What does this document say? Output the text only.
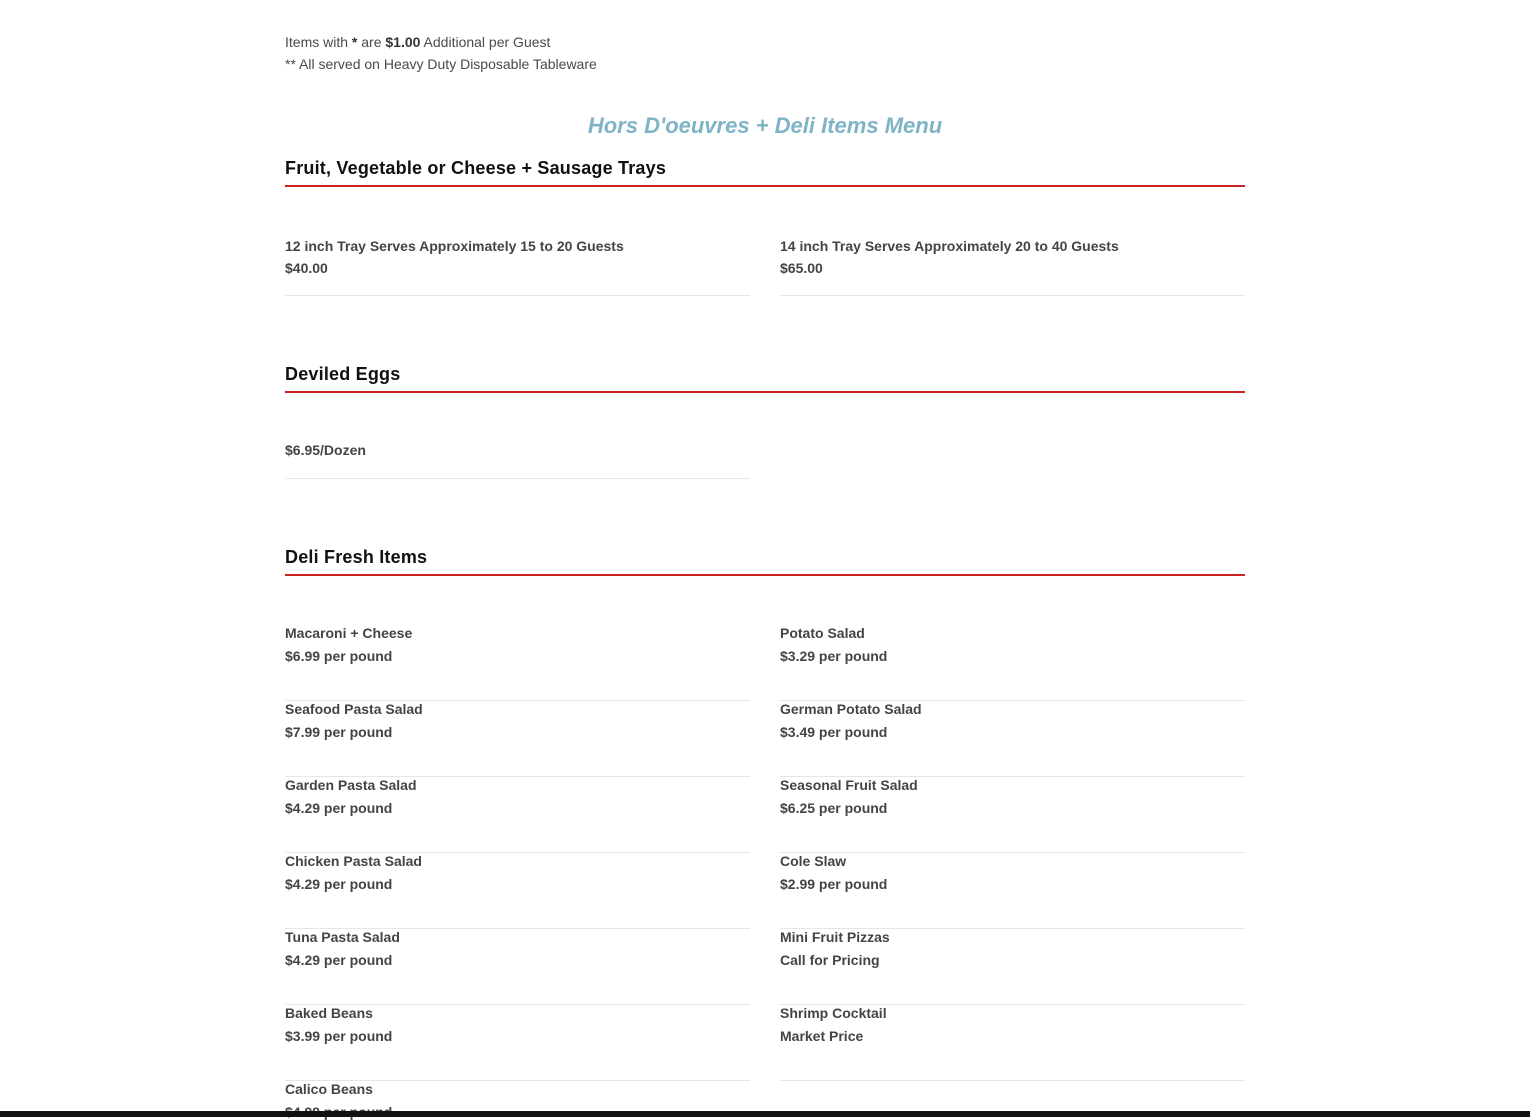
Items with * are $1.00 Additional per Guest
** All served on Heavy Duty Disposable Tableware
Hors D'oeuvres + Deli Items Menu
Fruit, Vegetable or Cheese + Sausage Trays
12 inch Tray Serves Approximately 15 to 20 Guests
$40.00
14 inch Tray Serves Approximately 20 to 40 Guests
$65.00
Deviled Eggs
$6.95/Dozen
Deli Fresh Items
Macaroni + Cheese
$6.99 per pound
Potato Salad
$3.29 per pound
Seafood Pasta Salad
$7.99 per pound
German Potato Salad
$3.49 per pound
Garden Pasta Salad
$4.29 per pound
Seasonal Fruit Salad
$6.25 per pound
Chicken Pasta Salad
$4.29 per pound
Cole Slaw
$2.99 per pound
Tuna Pasta Salad
$4.29 per pound
Mini Fruit Pizzas
Call for Pricing
Baked Beans
$3.99 per pound
Shrimp Cocktail
Market Price
Calico Beans
